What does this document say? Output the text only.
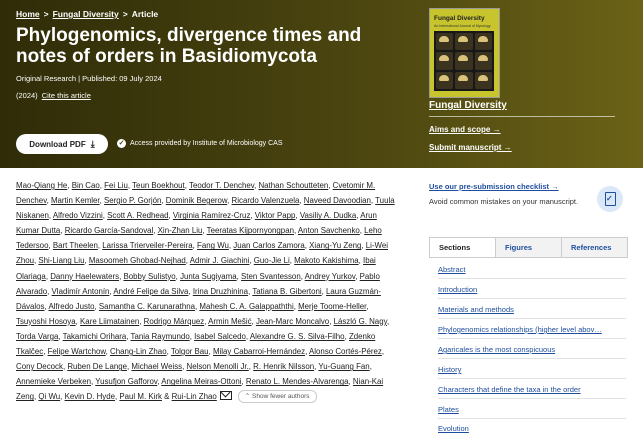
Home > Fungal Diversity > Article
Phylogenomics, divergence times and notes of orders in Basidiomycota
Original Research | Published: 09 July 2024
(2024) Cite this article
Download PDF ⤓	✓ Access provided by Institute of Microbiology CAS
Fungal Diversity
An International Journal of Mycology
Fungal Diversity
Aims and scope →
Submit manuscript →
Mao-Qiang He, Bin Cao, Fei Liu, Teun Boekhout, Teodor T. Denchev, Nathan Schoutteten, Cvetomir M. Denchev, Martin Kemler, Sergio P. Gorjón, Dominik Begerow, Ricardo Valenzuela, Naveed Davoodian, Tuula Niskanen, Alfredo Vizzini, Scott A. Redhead, Virginia Ramírez-Cruz, Viktor Papp, Vasiliy A. Dudka, Arun Kumar Dutta, Ricardo García-Sandoval, Xin-Zhan Liu, Teeratas Kijpornyongpan, Anton Savchenko, Leho Tedersoo, Bart Theelen, Larissa Trierveiler-Pereira, Fang Wu, Juan Carlos Zamora, Xiang-Yu Zeng, Li-Wei Zhou, Shi-Liang Liu, Masoomeh Ghobad-Nejhad, Admir J. Giachini, Guo-Jie Li, Makoto Kakishima, Ibai Olariaga, Danny Haelewaters, Bobby Sulistyo, Junta Sugiyama, Sten Svantesson, Andrey Yurkov, Pablo Alvarado, Vladimír Antonín, André Felipe da Silva, Irina Druzhinina, Tatiana B. Gibertoni, Laura Guzmán-Dávalos, Alfredo Justo, Samantha C. Karunarathna, Mahesh C. A. Galappaththi, Merje Toome-Heller, Tsuyoshi Hosoya, Kare Liimatainen, Rodrigo Márquez, Armin Mešić, Jean-Marc Moncalvo, László G. Nagy, Torda Varga, Takamichi Orihara, Tania Raymundo, Isabel Salcedo, Alexandre G. S. Silva-Filho, Zdenko Tkalčec, Felipe Wartchow, Chang-Lin Zhao, Tolgor Bau, Milay Cabarroi-Hernández, Alonso Cortés-Pérez, Cony Decock, Ruben De Lange, Michael Weiss, Nelson Menolli Jr., R. Henrik Nilsson, Yu-Guang Fan, Annemieke Verbeken, Yusufjon Gafforov, Angelina Meiras-Ottoni, Renato L. Mendes-Alvarenga, Nian-Kai Zeng, Qi Wu, Kevin D. Hyde, Paul M. Kirk & Rui-Lin Zhao	⌃ Show fewer authors
Use our pre-submission checklist →
Avoid common mistakes on your manuscript.
✓
Sections	Figures	References
Abstract
Introduction
Materials and methods
Phylogenomics relationships (higher level abov…
Agaricales is the most conspicuous
History
Characters that define the taxa in the order
Plates
Evolution
